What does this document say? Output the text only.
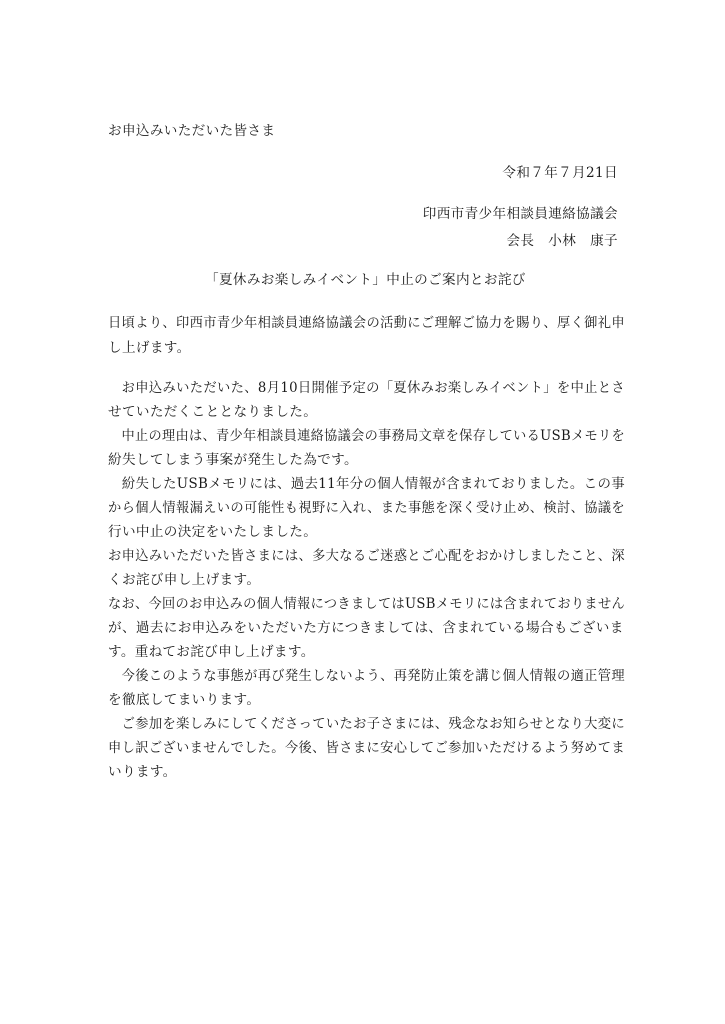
お申込みいただいた皆さま
令和７年７月21日
印西市青少年相談員連絡協議会
会長　小林　康子
「夏休みお楽しみイベント」中止のご案内とお詫び
日頃より、印西市青少年相談員連絡協議会の活動にご理解ご協力を賜り、厚く御礼申
し上げます。
　お申込みいただいた、8月10日開催予定の「夏休みお楽しみイベント」を中止とさ
せていただくこととなりました。
　中止の理由は、青少年相談員連絡協議会の事務局文章を保存しているUSBメモリを
紛失してしまう事案が発生した為です。
　紛失したUSBメモリには、過去11年分の個人情報が含まれておりました。この事
から個人情報漏えいの可能性も視野に入れ、また事態を深く受け止め、検討、協議を
行い中止の決定をいたしました。
お申込みいただいた皆さまには、多大なるご迷惑とご心配をおかけしましたこと、深
くお詫び申し上げます。
なお、今回のお申込みの個人情報につきましてはUSBメモリには含まれておりません
が、過去にお申込みをいただいた方につきましては、含まれている場合もございま
す。重ねてお詫び申し上げます。
　今後このような事態が再び発生しないよう、再発防止策を講じ個人情報の適正管理
を徹底してまいります。
　ご参加を楽しみにしてくださっていたお子さまには、残念なお知らせとなり大変に
申し訳ございませんでした。今後、皆さまに安心してご参加いただけるよう努めてま
いります。
